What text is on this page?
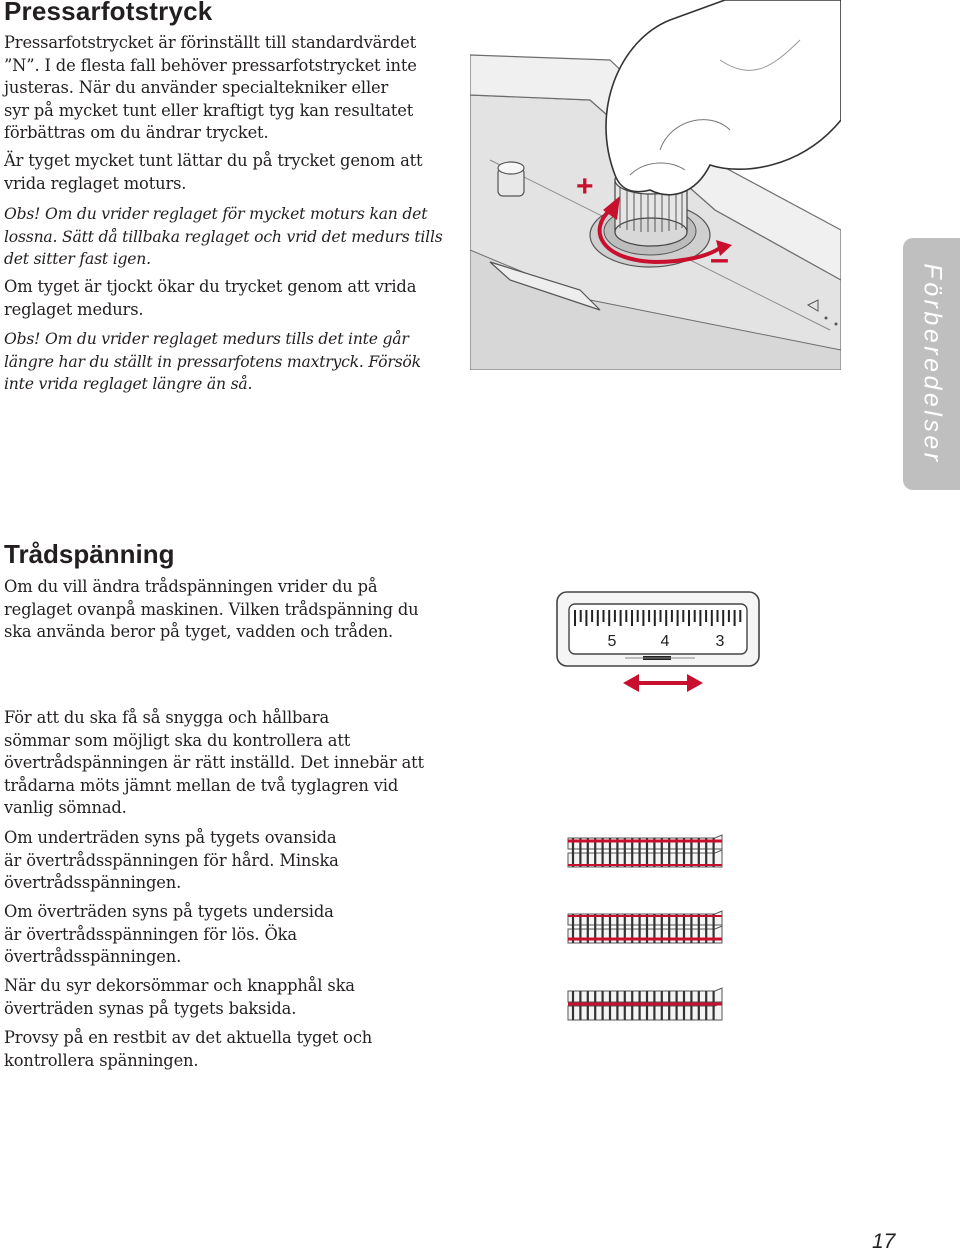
Pressarfotstryck
Pressarfotstrycket är förinställt till standardvärdet
”N”. I de flesta fall behöver pressarfotstrycket inte
justeras. När du använder specialtekniker eller
syr på mycket tunt eller kraftigt tyg kan resultatet
förbättras om du ändrar trycket.
Är tyget mycket tunt lättar du på trycket genom att
vrida reglaget moturs.
Obs! Om du vrider reglaget för mycket moturs kan det
lossna. Sätt då tillbaka reglaget och vrid det medurs tills
det sitter fast igen.
Om tyget är tjockt ökar du trycket genom att vrida
reglaget medurs.
Obs! Om du vrider reglaget medurs tills det inte går
längre har du ställt in pressarfotens maxtryck. Försök
inte vrida reglaget längre än så.
+
–
Förberedelser
Trådspänning
Om du vill ändra trådspänningen vrider du på
reglaget ovanpå maskinen. Vilken trådspänning du
ska använda beror på tyget, vadden och tråden.
5	4	3
För att du ska få så snygga och hållbara
sömmar som möjligt ska du kontrollera att
övertrådspänningen är rätt inställd. Det innebär att
trådarna möts jämnt mellan de två tyglagren vid
vanlig sömnad.
Om underträden syns på tygets ovansida
är övertrådsspänningen för hård. Minska
övertrådsspänningen.
Om överträden syns på tygets undersida
är övertrådsspänningen för lös. Öka
övertrådsspänningen.
När du syr dekorsömmar och knapphål ska
överträden synas på tygets baksida.
Provsy på en restbit av det aktuella tyget och
kontrollera spänningen.
17
